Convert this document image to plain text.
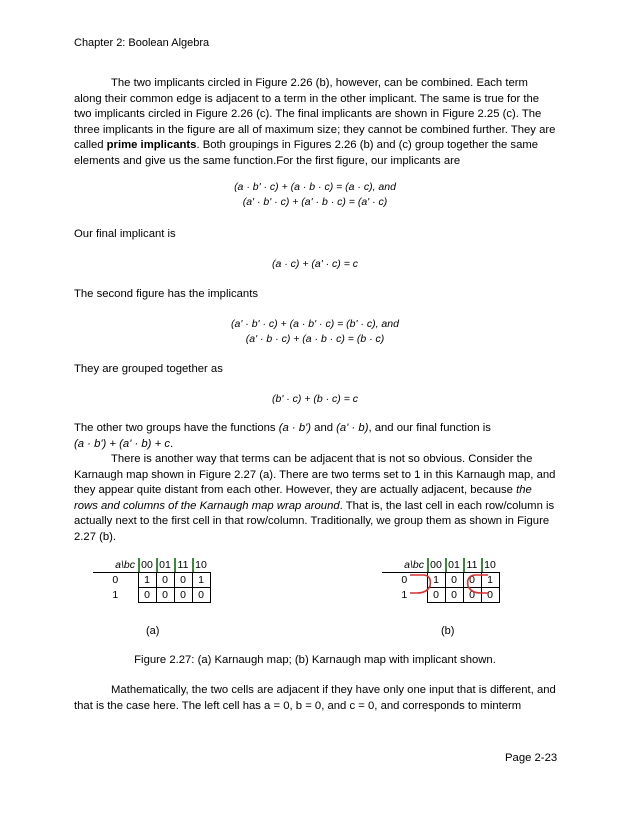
Chapter 2: Boolean Algebra

The two implicants circled in Figure 2.26 (b), however, can be combined. Each term along their common edge is adjacent to a term in the other implicant. The same is true for the two implicants circled in Figure 2.26 (c). The final implicants are shown in Figure 2.25 (c). The three implicants in the figure are all of maximum size; they cannot be combined further. They are called prime implicants. Both groupings in Figures 2.26 (b) and (c) group together the same elements and give us the same function.For the first figure, our implicants are

(a · b' · c) + (a · b · c) = (a · c), and
(a' · b' · c) + (a' · b · c) = (a' · c)

Our final implicant is

(a · c) + (a' · c) = c

The second figure has the implicants

(a' · b' · c) + (a · b' · c) = (b' · c), and
(a' · b · c) + (a · b · c) = (b · c)

They are grouped together as

(b' · c) + (b · c) = c

The other two groups have the functions (a · b') and (a' · b), and our final function is
(a · b') + (a' · b) + c.

There is another way that terms can be adjacent that is not so obvious. Consider the Karnaugh map shown in Figure 2.27 (a). There are two terms set to 1 in this Karnaugh map, and they appear quite distant from each other. However, they are actually adjacent, because the rows and columns of the Karnaugh map wrap around. That is, the last cell in each row/column is actually next to the first cell in that row/column. Traditionally, we group them as shown in Figure 2.27 (b).

a\bc	00	01	11	10
0	1	0	0	1
1	0	0	0	0
a\bc	00	01	11	10
0	1	0	0	1
1	0	0	0	0
(a)	(b)
Figure 2.27: (a) Karnaugh map; (b) Karnaugh map with implicant shown.

Mathematically, the two cells are adjacent if they have only one input that is different, and that is the case here. The left cell has a = 0, b = 0, and c = 0, and corresponds to minterm

Page 2-23
